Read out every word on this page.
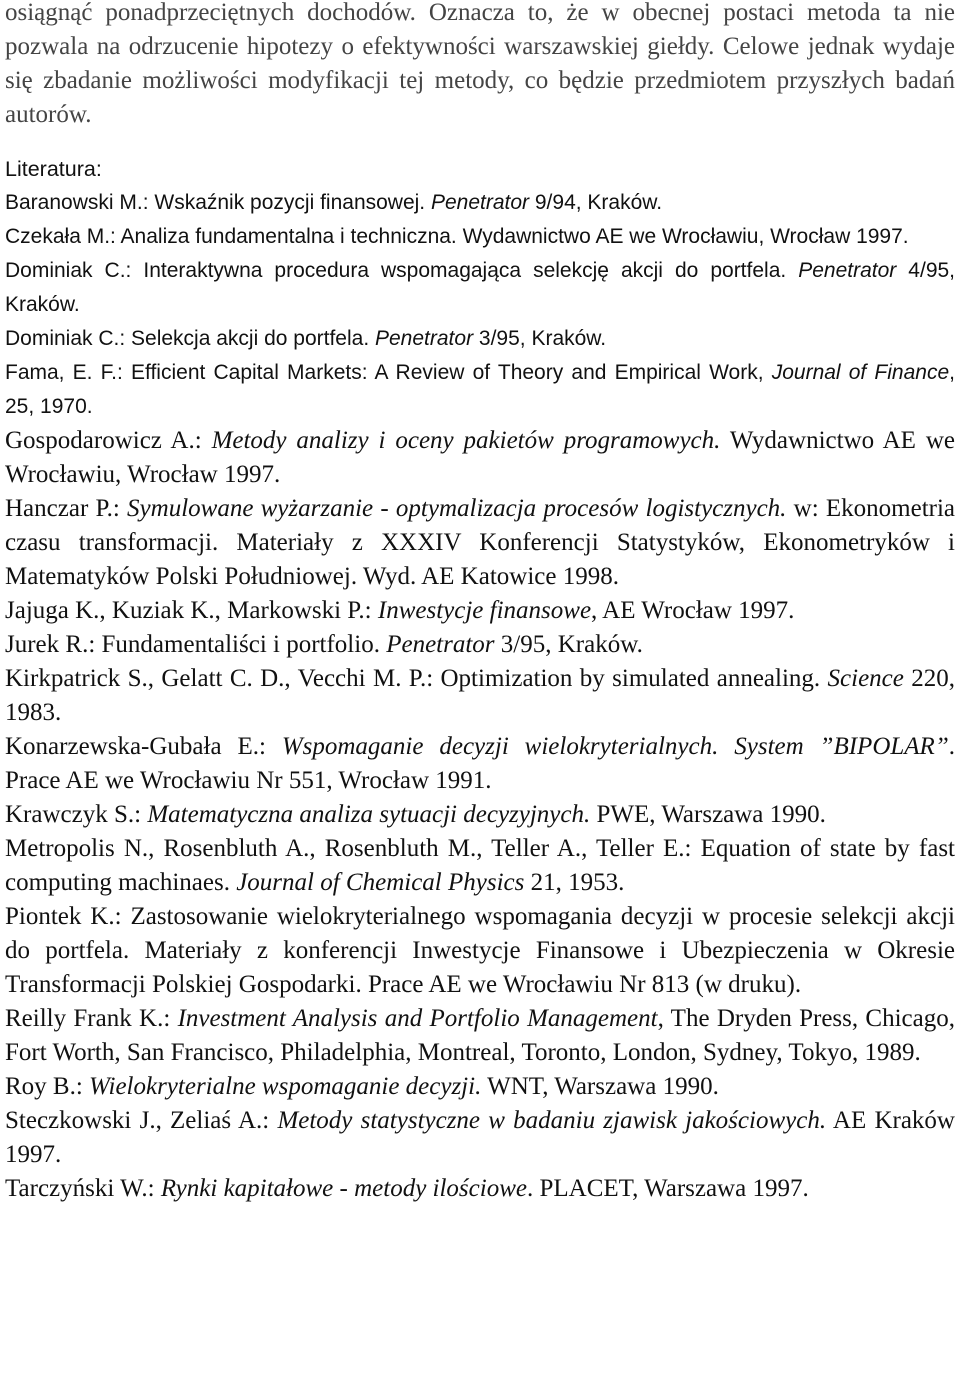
osiągnąć ponadprzeciętnych dochodów. Oznacza to, że w obecnej postaci metoda ta nie pozwala na odrzucenie hipotezy o efektywności warszawskiej giełdy. Celowe jednak wydaje się zbadanie możliwości modyfikacji tej metody, co będzie przedmiotem przyszłych badań autorów.

Literatura:

Baranowski M.: Wskaźnik pozycji finansowej. Penetrator 9/94, Kraków.

Czekała M.: Analiza fundamentalna i techniczna. Wydawnictwo AE we Wrocławiu, Wrocław 1997.

Dominiak C.: Interaktywna procedura wspomagająca selekcję akcji do portfela. Penetrator 4/95, Kraków.

Dominiak C.: Selekcja akcji do portfela. Penetrator 3/95, Kraków.

Fama, E. F.: Efficient Capital Markets: A Review of Theory and Empirical Work, Journal of Finance, 25, 1970.

Gospodarowicz A.: Metody analizy i oceny pakietów programowych. Wydawnictwo AE we Wrocławiu, Wrocław 1997.

Hanczar P.: Symulowane wyżarzanie - optymalizacja procesów logistycznych. w: Ekonometria czasu transformacji. Materiały z XXXIV Konferencji Statystyków, Ekonometryków i Matematyków Polski Południowej. Wyd. AE Katowice 1998.

Jajuga K., Kuziak K., Markowski P.: Inwestycje finansowe, AE Wrocław 1997.

Jurek R.: Fundamentaliści i portfolio. Penetrator 3/95, Kraków.

Kirkpatrick S., Gelatt C. D., Vecchi M. P.: Optimization by simulated annealing. Science 220, 1983.

Konarzewska-Gubała E.: Wspomaganie decyzji wielokryterialnych. System ”BIPOLAR”. Prace AE we Wrocławiu Nr 551, Wrocław 1991.

Krawczyk S.: Matematyczna analiza sytuacji decyzyjnych. PWE, Warszawa 1990.

Metropolis N., Rosenbluth A., Rosenbluth M., Teller A., Teller E.: Equation of state by fast computing machinaes. Journal of Chemical Physics 21, 1953.

Piontek K.: Zastosowanie wielokryterialnego wspomagania decyzji w procesie selekcji akcji do portfela. Materiały z konferencji Inwestycje Finansowe i Ubezpieczenia w Okresie Transformacji Polskiej Gospodarki. Prace AE we Wrocławiu Nr 813 (w druku).

Reilly Frank K.: Investment Analysis and Portfolio Management, The Dryden Press, Chicago, Fort Worth, San Francisco, Philadelphia, Montreal, Toronto, London, Sydney, Tokyo, 1989.

Roy B.: Wielokryterialne wspomaganie decyzji. WNT, Warszawa 1990.

Steczkowski J., Zeliaś A.: Metody statystyczne w badaniu zjawisk jakościowych. AE Kraków 1997.

Tarczyński W.: Rynki kapitałowe - metody ilościowe. PLACET, Warszawa 1997.
